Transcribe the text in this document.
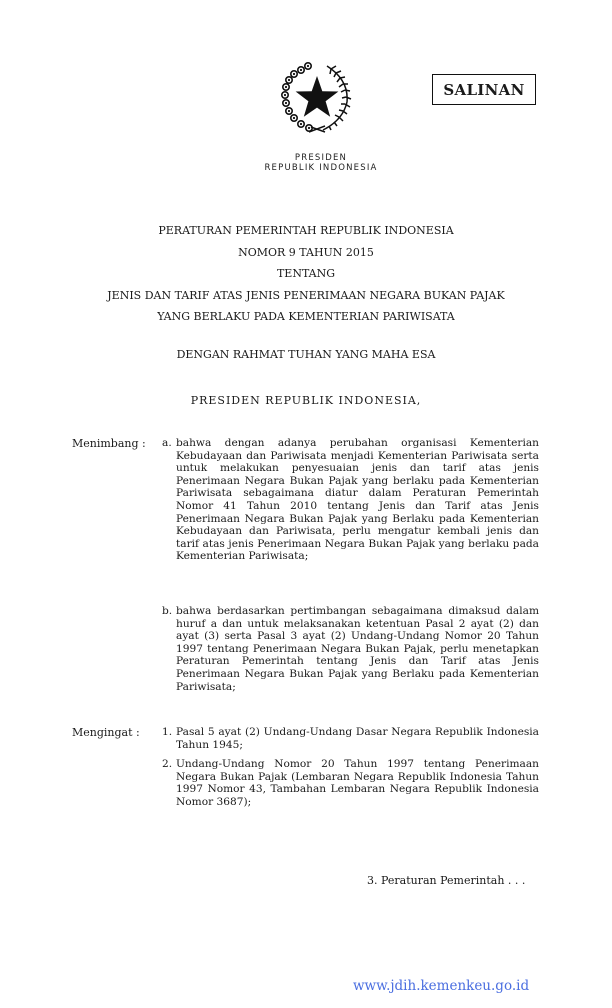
SALINAN
PRESIDEN
REPUBLIK INDONESIA
PERATURAN PEMERINTAH REPUBLIK INDONESIA
NOMOR 9 TAHUN 2015
TENTANG
JENIS DAN TARIF ATAS JENIS PENERIMAAN NEGARA BUKAN PAJAK
YANG BERLAKU PADA KEMENTERIAN PARIWISATA
DENGAN RAHMAT TUHAN YANG MAHA ESA
PRESIDEN REPUBLIK INDONESIA,
Menimbang : a. bahwa dengan adanya perubahan organisasi Kementerian Kebudayaan dan Pariwisata menjadi Kementerian Pariwisata serta untuk melakukan penyesuaian jenis dan tarif atas jenis Penerimaan Negara Bukan Pajak yang berlaku pada Kementerian Pariwisata sebagaimana diatur dalam Peraturan Pemerintah Nomor 41 Tahun 2010 tentang Jenis dan Tarif atas Jenis Penerimaan Negara Bukan Pajak yang Berlaku pada Kementerian Kebudayaan dan Pariwisata, perlu mengatur kembali jenis dan tarif atas jenis Penerimaan Negara Bukan Pajak yang berlaku pada Kementerian Pariwisata;
b. bahwa berdasarkan pertimbangan sebagaimana dimaksud dalam huruf a dan untuk melaksanakan ketentuan Pasal 2 ayat (2) dan ayat (3) serta Pasal 3 ayat (2) Undang-Undang Nomor 20 Tahun 1997 tentang Penerimaan Negara Bukan Pajak, perlu menetapkan Peraturan Pemerintah tentang Jenis dan Tarif atas Jenis Penerimaan Negara Bukan Pajak yang Berlaku pada Kementerian Pariwisata;
Mengingat : 1. Pasal 5 ayat (2) Undang-Undang Dasar Negara Republik Indonesia Tahun 1945;
2. Undang-Undang Nomor 20 Tahun 1997 tentang Penerimaan Negara Bukan Pajak (Lembaran Negara Republik Indonesia Tahun 1997 Nomor 43, Tambahan Lembaran Negara Republik Indonesia Nomor 3687);
3. Peraturan Pemerintah . . .
www.jdih.kemenkeu.go.id
